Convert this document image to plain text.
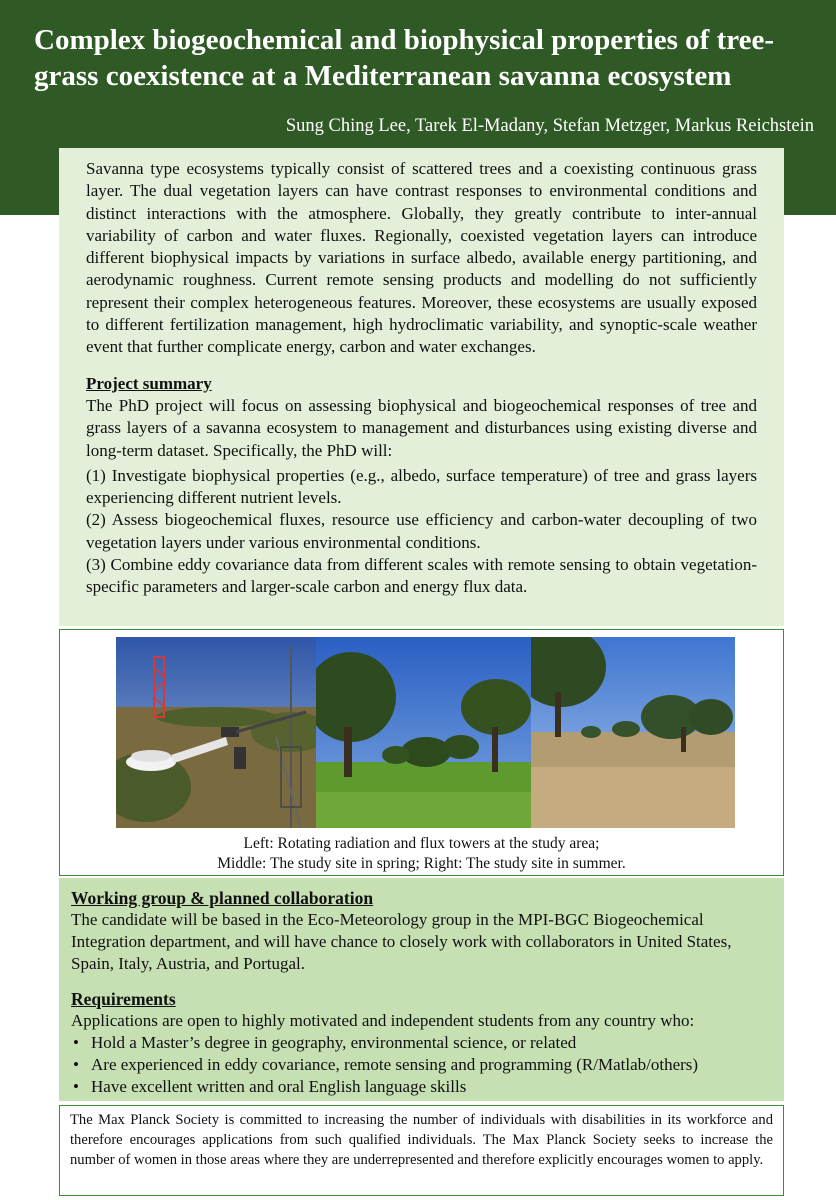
Complex biogeochemical and biophysical properties of tree-grass coexistence at a Mediterranean savanna ecosystem
Sung Ching Lee, Tarek El-Madany, Stefan Metzger, Markus Reichstein

Savanna type ecosystems typically consist of scattered trees and a coexisting continuous grass layer. The dual vegetation layers can have contrast responses to environmental conditions and distinct interactions with the atmosphere. Globally, they greatly contribute to inter-annual variability of carbon and water fluxes. Regionally, coexisted vegetation layers can introduce different biophysical impacts by variations in surface albedo, available energy partitioning, and aerodynamic roughness. Current remote sensing products and modelling do not sufficiently represent their complex heterogeneous features. Moreover, these ecosystems are usually exposed to different fertilization management, high hydroclimatic variability, and synoptic-scale weather event that further complicate energy, carbon and water exchanges.

Project summary

The PhD project will focus on assessing biophysical and biogeochemical responses of tree and grass layers of a savanna ecosystem to management and disturbances using existing diverse and long-term dataset. Specifically, the PhD will:

(1) Investigate biophysical properties (e.g., albedo, surface temperature) of tree and grass layers experiencing different nutrient levels.

(2) Assess biogeochemical fluxes, resource use efficiency and carbon-water decoupling of two vegetation layers under various environmental conditions.

(3) Combine eddy covariance data from different scales with remote sensing to obtain vegetation-specific parameters and larger-scale carbon and energy flux data.

Left: Rotating radiation and flux towers at the study area;
Middle: The study site in spring; Right: The study site in summer.

Working group & planned collaboration

The candidate will be based in the Eco-Meteorology group in the MPI-BGC Biogeochemical Integration department, and will have chance to closely work with collaborators in United States, Spain, Italy, Austria, and Portugal.

Requirements

Applications are open to highly motivated and independent students from any country who:

• Hold a Master’s degree in geography, environmental science, or related
• Are experienced in eddy covariance, remote sensing and programming (R/Matlab/others)
• Have excellent written and oral English language skills

The Max Planck Society is committed to increasing the number of individuals with disabilities in its workforce and therefore encourages applications from such qualified individuals. The Max Planck Society seeks to increase the number of women in those areas where they are underrepresented and therefore explicitly encourages women to apply.
